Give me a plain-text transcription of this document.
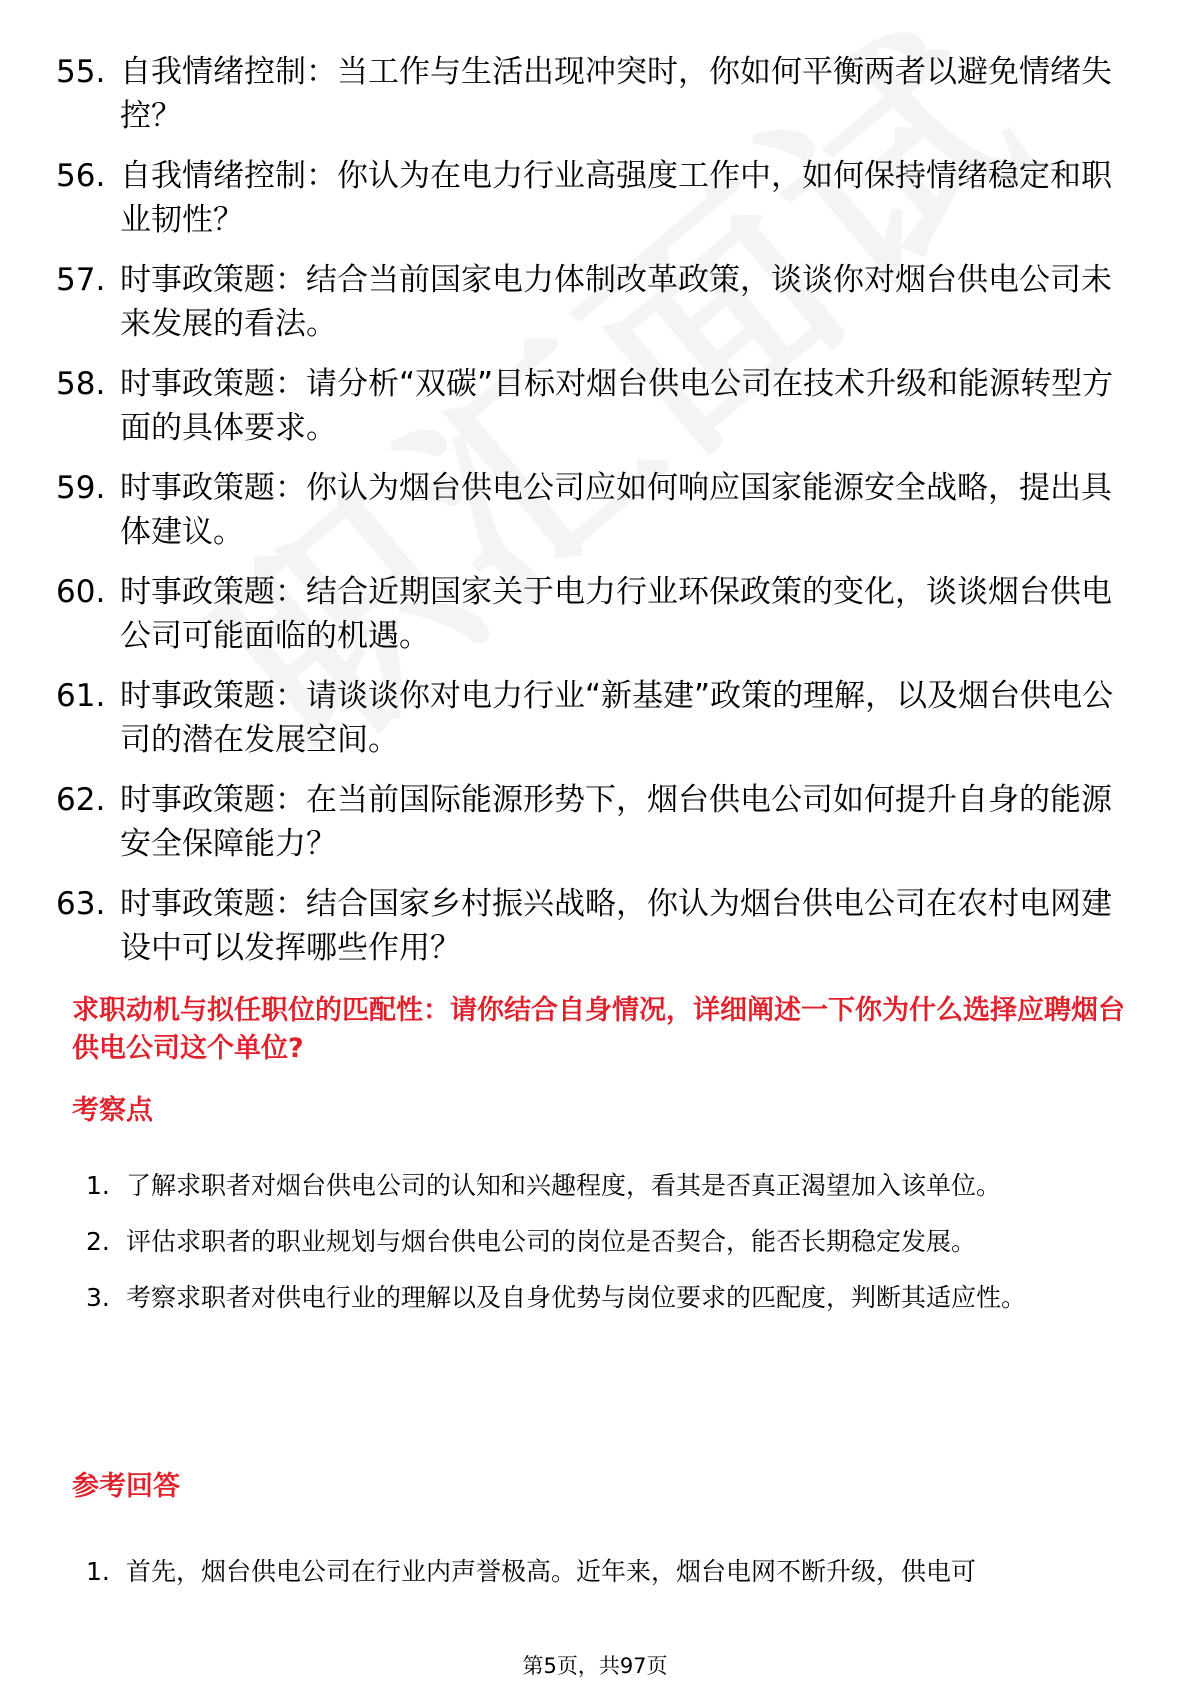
55. 自我情绪控制：当工作与生活出现冲突时，你如何平衡两者以避免情绪失控？
56. 自我情绪控制：你认为在电力行业高强度工作中，如何保持情绪稳定和职业韧性？
57. 时事政策题：结合当前国家电力体制改革政策，谈谈你对烟台供电公司未来发展的看法。
58. 时事政策题：请分析“双碳”目标对烟台供电公司在技术升级和能源转型方面的具体要求。
59. 时事政策题：你认为烟台供电公司应如何响应国家能源安全战略，提出具体建议。
60. 时事政策题：结合近期国家关于电力行业环保政策的变化，谈谈烟台供电公司可能面临的机遇。
61. 时事政策题：请谈谈你对电力行业“新基建”政策的理解，以及烟台供电公司的潜在发展空间。
62. 时事政策题：在当前国际能源形势下，烟台供电公司如何提升自身的能源安全保障能力？
63. 时事政策题：结合国家乡村振兴战略，你认为烟台供电公司在农村电网建设中可以发挥哪些作用？
求职动机与拟任职位的匹配性：请你结合自身情况，详细阐述一下你为什么选择应聘烟台供电公司这个单位?
考察点
1. 了解求职者对烟台供电公司的认知和兴趣程度，看其是否真正渴望加入该单位。
2. 评估求职者的职业规划与烟台供电公司的岗位是否契合，能否长期稳定发展。
3. 考察求职者对供电行业的理解以及自身优势与岗位要求的匹配度，判断其适应性。
参考回答
1. 首先，烟台供电公司在行业内声誉极高。近年来，烟台电网不断升级，供电可
第5页，共97页
